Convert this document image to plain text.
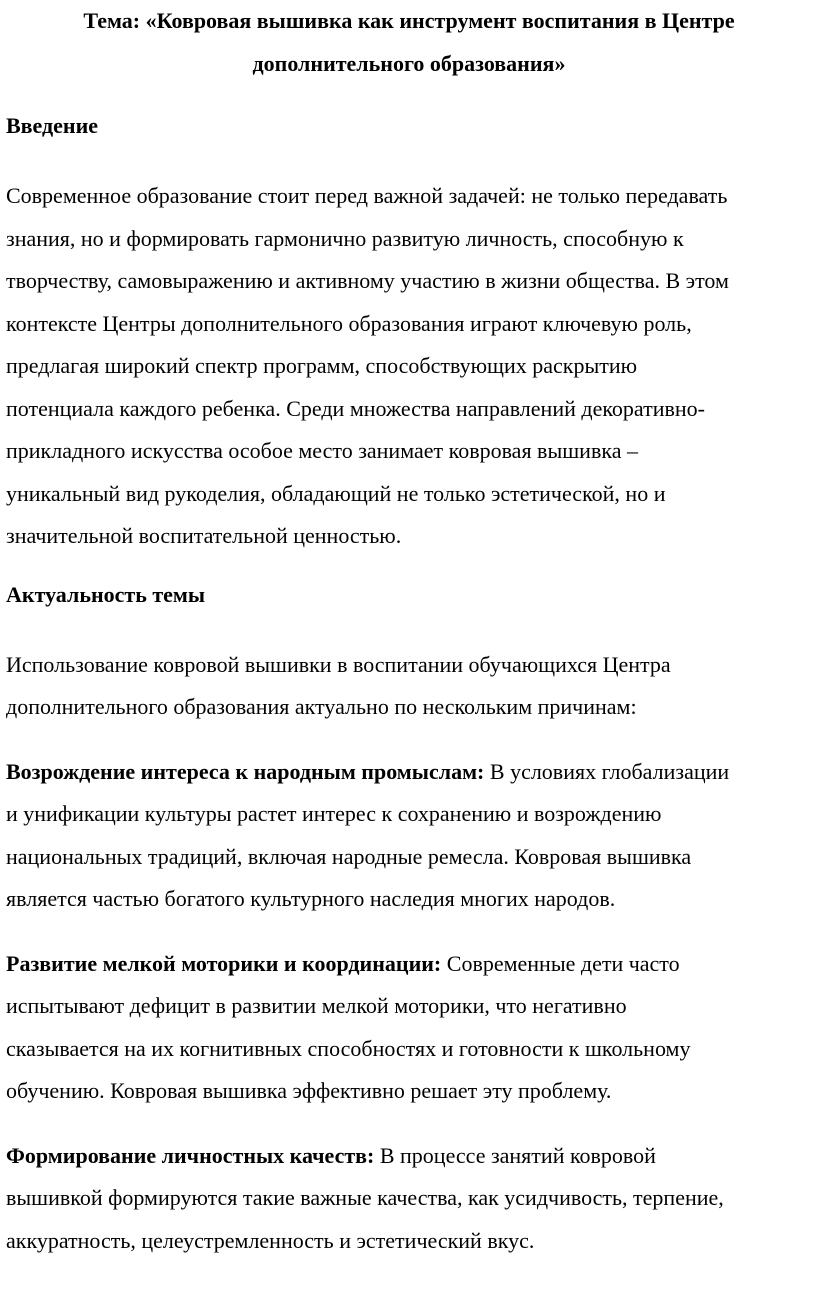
Тема: «Ковровая вышивка как инструмент воспитания в Центре
дополнительного образования»
Введение
Современное образование стоит перед важной задачей: не только передавать
знания, но и формировать гармонично развитую личность, способную к
творчеству, самовыражению и активному участию в жизни общества. В этом
контексте Центры дополнительного образования играют ключевую роль,
предлагая широкий спектр программ, способствующих раскрытию
потенциала каждого ребенка. Среди множества направлений декоративно-
прикладного искусства особое место занимает ковровая вышивка –
уникальный вид рукоделия, обладающий не только эстетической, но и
значительной воспитательной ценностью.
Актуальность темы
Использование ковровой вышивки в воспитании обучающихся Центра
дополнительного образования актуально по нескольким причинам:
Возрождение интереса к народным промыслам: В условиях глобализации
и унификации культуры растет интерес к сохранению и возрождению
национальных традиций, включая народные ремесла. Ковровая вышивка
является частью богатого культурного наследия многих народов.
Развитие мелкой моторики и координации: Современные дети часто
испытывают дефицит в развитии мелкой моторики, что негативно
сказывается на их когнитивных способностях и готовности к школьному
обучению. Ковровая вышивка эффективно решает эту проблему.
Формирование личностных качеств: В процессе занятий ковровой
вышивкой формируются такие важные качества, как усидчивость, терпение,
аккуратность, целеустремленность и эстетический вкус.
